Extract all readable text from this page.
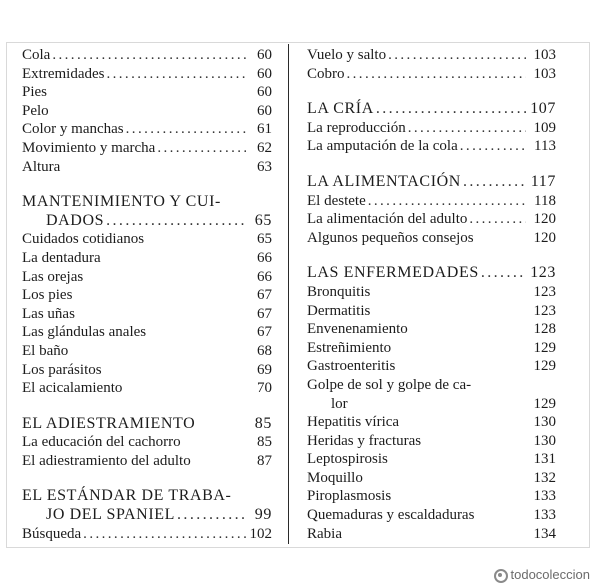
Cola .....	60
Extremidades .....	60
Pies	60
Pelo	60
Color y manchas .....	61
Movimiento y marcha .....	62
Altura	63
MANTENIMIENTO Y CUI-
DADOS .....	65
Cuidados cotidianos	65
La dentadura	66
Las orejas	66
Los pies	67
Las uñas	67
Las glándulas anales	67
El baño	68
Los parásitos	69
El acicalamiento	70
EL ADIESTRAMIENTO	85
La educación del cachorro	85
El adiestramiento del adulto	87
EL ESTÁNDAR DE TRABA-
JO DEL SPANIEL .....	99
Búsqueda .....	102
Vuelo y salto .....	103
Cobro .....	103
LA CRÍA .....	107
La reproducción .....	109
La amputación de la cola .....	113
LA ALIMENTACIÓN .....	117
El destete .....	118
La alimentación del adulto .....	120
Algunos pequeños consejos	120
LAS ENFERMEDADES .....	123
Bronquitis	123
Dermatitis	123
Envenenamiento	128
Estreñimiento	129
Gastroenteritis	129
Golpe de sol y golpe de ca-
lor	129
Hepatitis vírica	130
Heridas y fracturas	130
Leptospirosis	131
Moquillo	132
Piroplasmosis	133
Quemaduras y escaldaduras	133
Rabia	134
todocoleccion
